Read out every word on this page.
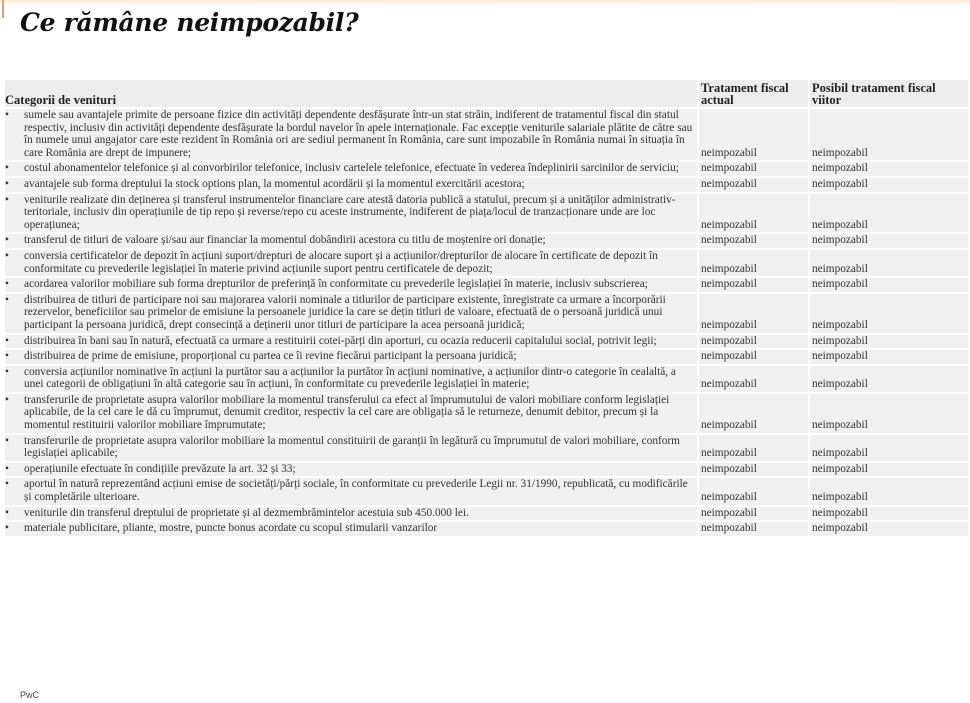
Ce rămâne neimpozabil?
Categorii de venituri	Tratament fiscal actual	Posibil tratament fiscal viitor

• sumele sau avantajele primite de persoane fizice din activități dependente desfășurate într-un stat străin, indiferent de tratamentul fiscal din statul respectiv, inclusiv din activități dependente desfășurate la bordul navelor în apele internaționale. Fac excepție veniturile salariale plătite de către sau în numele unui angajator care este rezident în România ori are sediul permanent în România, care sunt impozabile în România numai în situația în care România are drept de impunere;	neimpozabil	neimpozabil

• costul abonamentelor telefonice și al convorbirilor telefonice, inclusiv cartelele telefonice, efectuate în vederea îndeplinirii sarcinilor de serviciu;	neimpozabil	neimpozabil

• avantajele sub forma dreptului la stock options plan, la momentul acordării și la momentul exercitării acestora;	neimpozabil	neimpozabil

• veniturile realizate din deținerea și transferul instrumentelor financiare care atestă datoria publică a statului, precum și a unităților administrativ-teritoriale, inclusiv din operațiunile de tip repo și reverse/repo cu aceste instrumente, indiferent de piața/locul de tranzacționare unde are loc operațiunea;	neimpozabil	neimpozabil

• transferul de titluri de valoare și/sau aur financiar la momentul dobândirii acestora cu titlu de moștenire ori donație;	neimpozabil	neimpozabil

• conversia certificatelor de depozit în acțiuni suport/drepturi de alocare suport și a acțiunilor/drepturilor de alocare în certificate de depozit în conformitate cu prevederile legislației în materie privind acțiunile suport pentru certificatele de depozit;	neimpozabil	neimpozabil

• acordarea valorilor mobiliare sub forma drepturilor de preferință în conformitate cu prevederile legislației în materie, inclusiv subscrierea;	neimpozabil	neimpozabil

• distribuirea de titluri de participare noi sau majorarea valorii nominale a titlurilor de participare existente, înregistrate ca urmare a încorporării rezervelor, beneficiilor sau primelor de emisiune la persoanele juridice la care se dețin titluri de valoare, efectuată de o persoană juridică unui participant la persoana juridică, drept consecință a deținerii unor titluri de participare la acea persoană juridică;	neimpozabil	neimpozabil

• distribuirea în bani sau în natură, efectuată ca urmare a restituirii cotei-părți din aporturi, cu ocazia reducerii capitalului social, potrivit legii;	neimpozabil	neimpozabil

• distribuirea de prime de emisiune, proporțional cu partea ce îi revine fiecărui participant la persoana juridică;	neimpozabil	neimpozabil

• conversia acțiunilor nominative în acțiuni la purtător sau a acțiunilor la purtător în acțiuni nominative, a acțiunilor dintr-o categorie în cealaltă, a unei categorii de obligațiuni în altă categorie sau în acțiuni, în conformitate cu prevederile legislației în materie;	neimpozabil	neimpozabil

• transferurile de proprietate asupra valorilor mobiliare la momentul transferului ca efect al împrumutului de valori mobiliare conform legislației aplicabile, de la cel care le dă cu împrumut, denumit creditor, respectiv la cel care are obligația să le returneze, denumit debitor, precum și la momentul restituirii valorilor mobiliare împrumutate;	neimpozabil	neimpozabil

• transferurile de proprietate asupra valorilor mobiliare la momentul constituirii de garanții în legătură cu împrumutul de valori mobiliare, conform legislației aplicabile;	neimpozabil	neimpozabil

• operațiunile efectuate în condițiile prevăzute la art. 32 și 33;	neimpozabil	neimpozabil

• aportul în natură reprezentând acțiuni emise de societăți/părți sociale, în conformitate cu prevederile Legii nr. 31/1990, republicată, cu modificările și completările ulterioare.	neimpozabil	neimpozabil

• veniturile din transferul dreptului de proprietate și al dezmembrămintelor acestuia sub 450.000 lei.	neimpozabil	neimpozabil

• materiale publicitare, pliante, mostre, puncte bonus acordate cu scopul stimularii vanzarilor	neimpozabil	neimpozabil
PwC
